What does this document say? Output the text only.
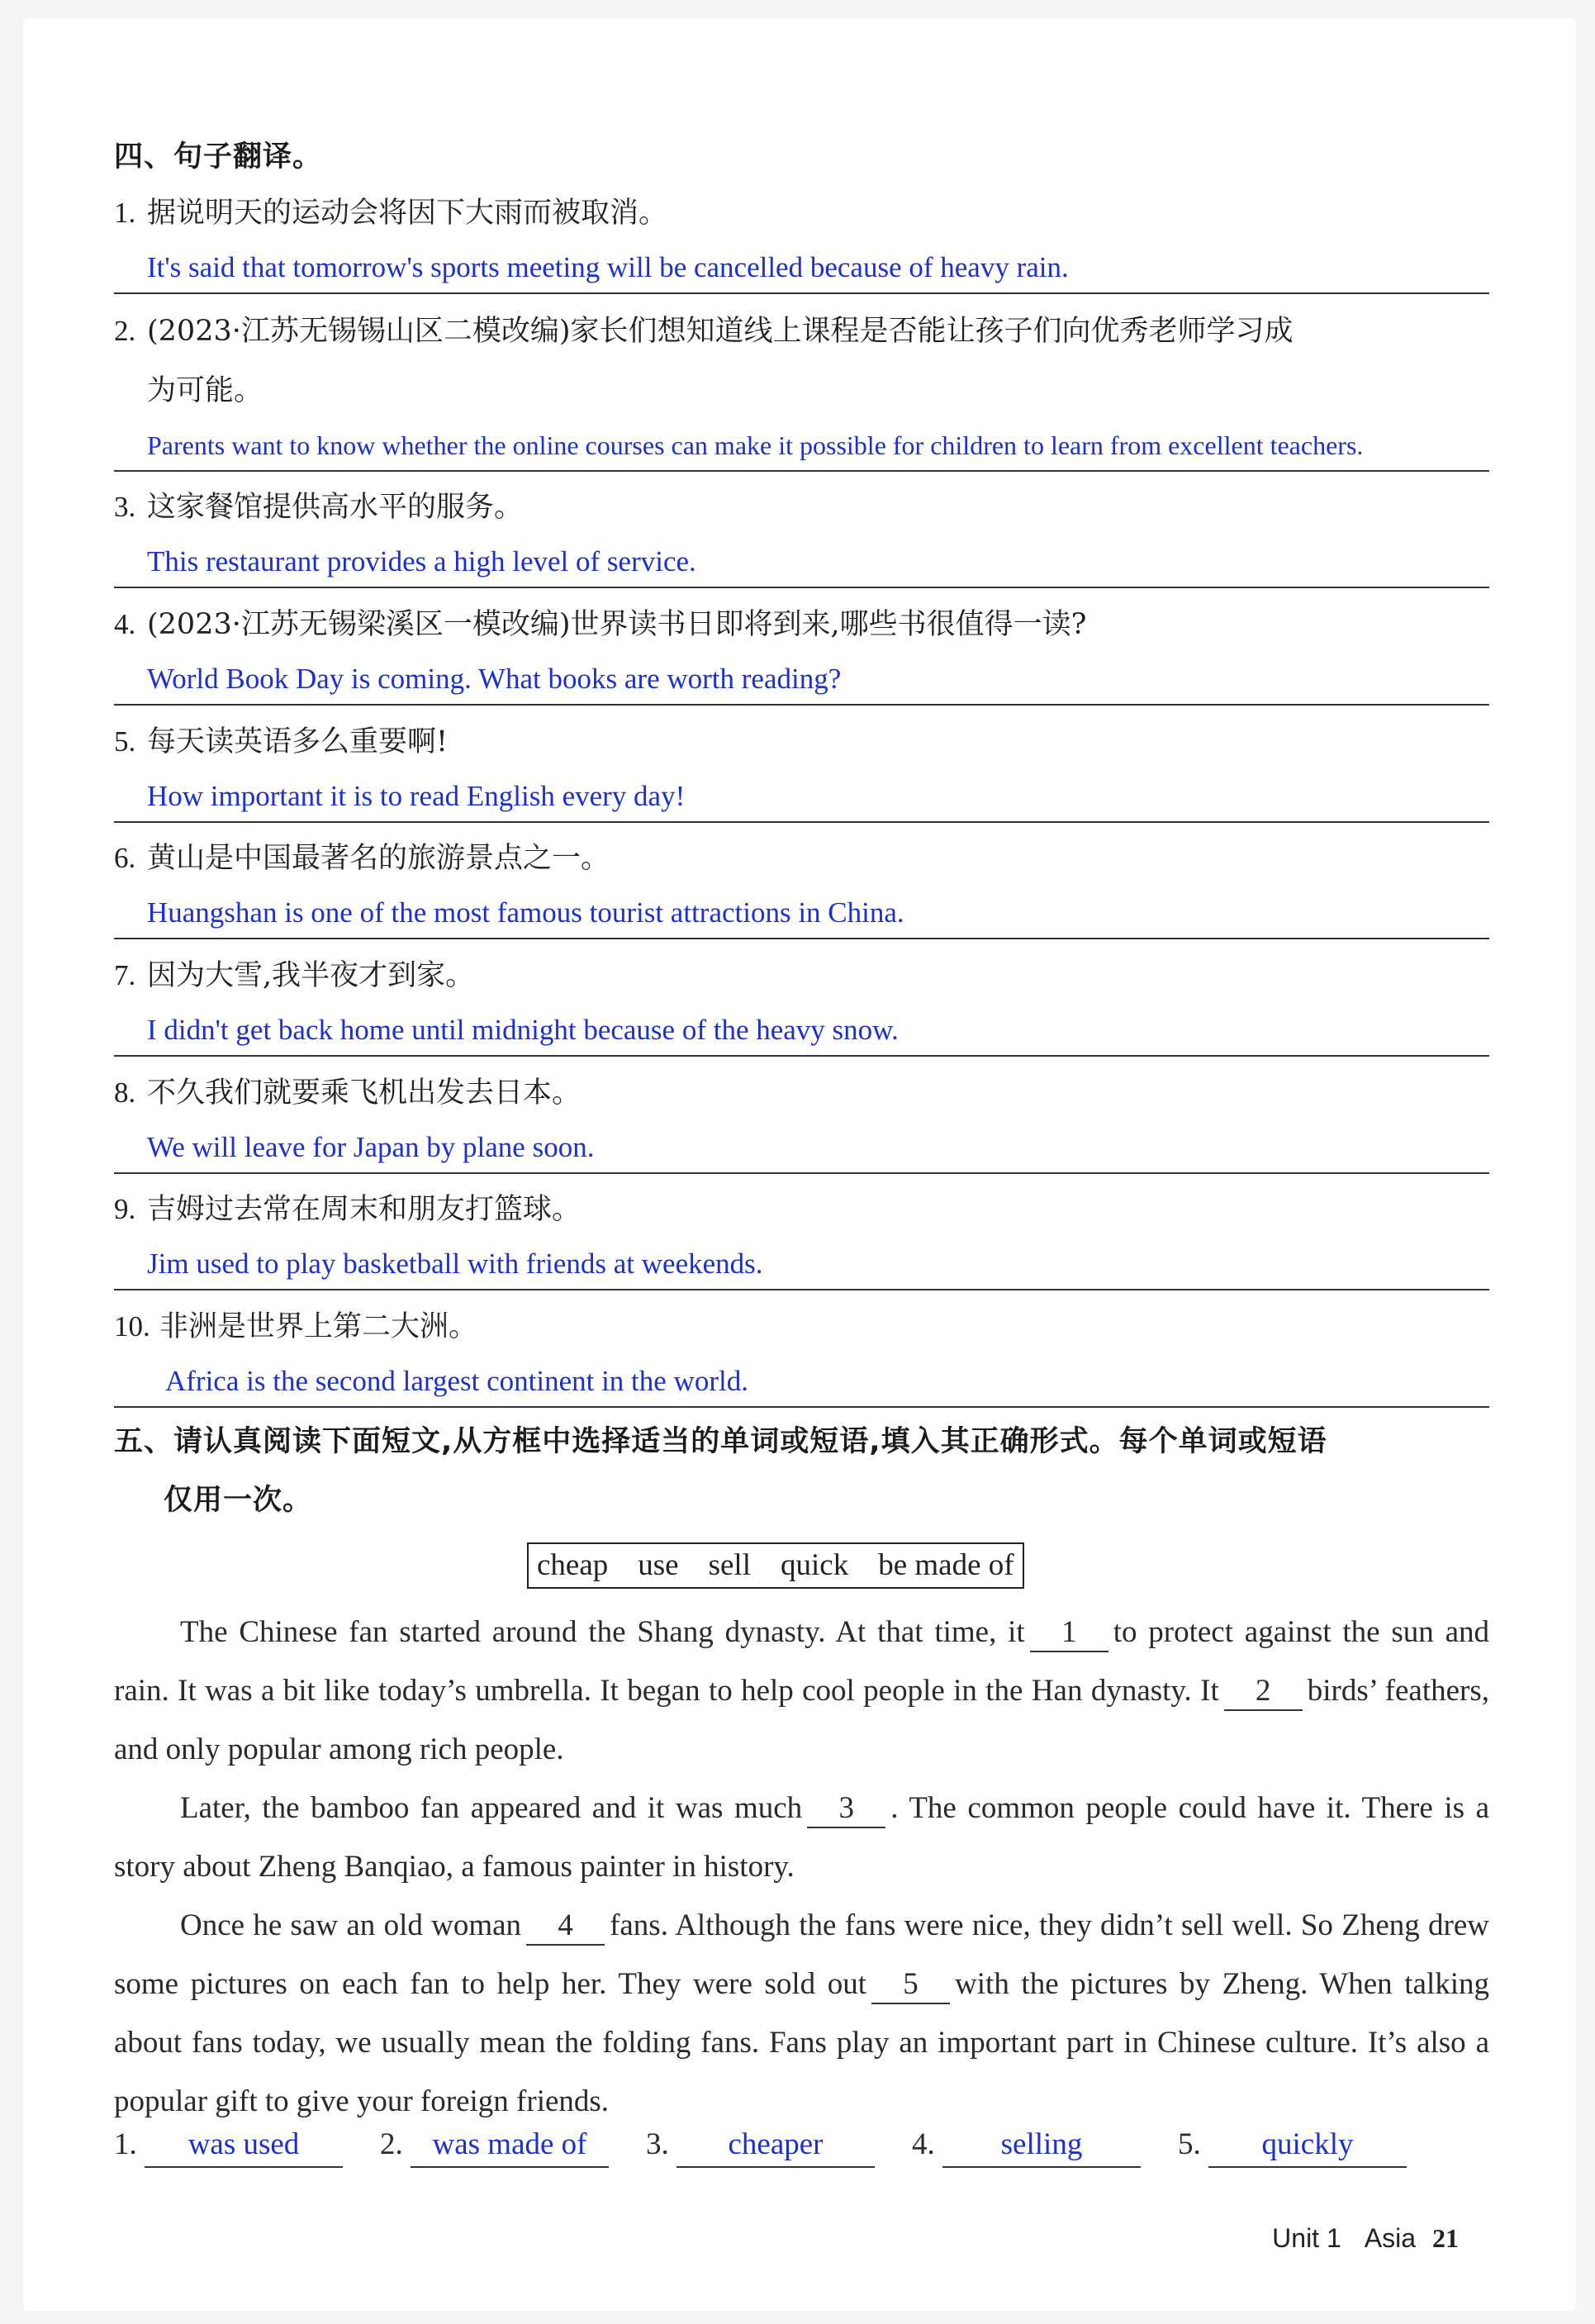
四、句子翻译。
1. 据说明天的运动会将因下大雨而被取消。
It's said that tomorrow's sports meeting will be cancelled because of heavy rain.
2. (2023·江苏无锡锡山区二模改编)家长们想知道线上课程是否能让孩子们向优秀老师学习成
为可能。
Parents want to know whether the online courses can make it possible for children to learn from excellent teachers.
3. 这家餐馆提供高水平的服务。
This restaurant provides a high level of service.
4. (2023·江苏无锡梁溪区一模改编)世界读书日即将到来,哪些书很值得一读?
World Book Day is coming. What books are worth reading?
5. 每天读英语多么重要啊!
How important it is to read English every day!
6. 黄山是中国最著名的旅游景点之一。
Huangshan is one of the most famous tourist attractions in China.
7. 因为大雪,我半夜才到家。
I didn't get back home until midnight because of the heavy snow.
8. 不久我们就要乘飞机出发去日本。
We will leave for Japan by plane soon.
9. 吉姆过去常在周末和朋友打篮球。
Jim used to play basketball with friends at weekends.
10. 非洲是世界上第二大洲。
Africa is the second largest continent in the world.
五、请认真阅读下面短文,从方框中选择适当的单词或短语,填入其正确形式。每个单词或短语
仅用一次。
cheap use sell quick be made of

The Chinese fan started around the Shang dynasty. At that time, it 1 to protect against the sun and rain. It was a bit like today’s umbrella. It began to help cool people in the Han dynasty. It 2 birds’ feathers, and only popular among rich people.

Later, the bamboo fan appeared and it was much 3 . The common people could have it. There is a story about Zheng Banqiao, a famous painter in history.

Once he saw an old woman 4 fans. Although the fans were nice, they didn’t sell well. So Zheng drew some pictures on each fan to help her. They were sold out 5 with the pictures by Zheng. When talking about fans today, we usually mean the folding fans. Fans play an important part in Chinese culture. It’s also a popular gift to give your foreign friends.

1. was used	2. was made of	3. cheaper	4. selling	5. quickly
Unit 1 Asia 21
